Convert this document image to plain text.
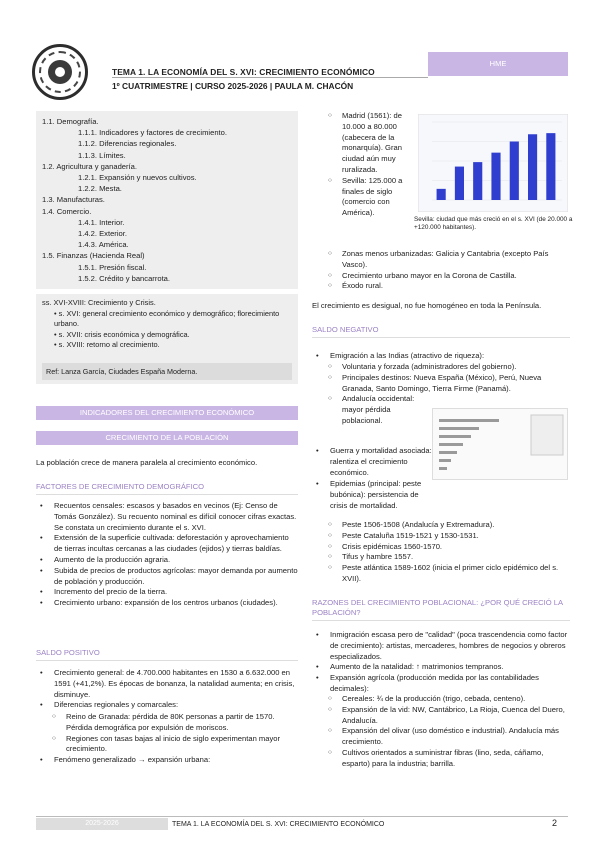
TEMA 1. LA ECONOMÍA DEL S. XVI: CRECIMIENTO ECONÓMICO
1º CUATRIMESTRE | CURSO 2025-2026 | PAULA M. CHACÓN
HME
1.1. Demografía.
1.1.1. Indicadores y factores de crecimiento.
1.1.2. Diferencias regionales.
1.1.3. Límites.
1.2. Agricultura y ganadería.
1.2.1. Expansión y nuevos cultivos.
1.2.2. Mesta.
1.3. Manufacturas.
1.4. Comercio.
1.4.1. Interior.
1.4.2. Exterior.
1.4.3. América.
1.5. Finanzas (Hacienda Real)
1.5.1. Presión fiscal.
1.5.2. Crédito y bancarrota.
ss. XVI-XVIII: Crecimiento y Crisis.
• s. XVI: general crecimiento económico y demográfico; florecimiento urbano.
• s. XVII: crisis económica y demográfica.
• s. XVIII: retorno al crecimiento.
Ref: Lanza García, Ciudades España Moderna.
INDICADORES DEL CRECIMIENTO ECONÓMICO
CRECIMIENTO DE LA POBLACIÓN
La población crece de manera paralela al crecimiento económico.
FACTORES DE CRECIMIENTO DEMOGRÁFICO
• Recuentos censales: escasos y basados en vecinos (Ej: Censo de Tomás González). Su recuento nominal es difícil conocer cifras exactas. Se constata un crecimiento durante el s. XVI.
• Extensión de la superficie cultivada: deforestación y aprovechamiento de tierras incultas cercanas a las ciudades (ejidos) y tierras baldías.
• Aumento de la producción agraria.
• Subida de precios de productos agrícolas: mayor demanda por aumento de población y producción.
• Incremento del precio de la tierra.
• Crecimiento urbano: expansión de los centros urbanos (ciudades).
SALDO POSITIVO
• Crecimiento general: de 4.700.000 habitantes en 1530 a 6.632.000 en 1591 (+41,2%). Es épocas de bonanza, la natalidad aumenta; en crisis, disminuye.
• Diferencias regionales y comarcales:
○ Reino de Granada: pérdida de 80K personas a partir de 1570. Pérdida demográfica por expulsión de moriscos.
○ Regiones con tasas bajas al inicio de siglo experimentan mayor crecimiento.
• Fenómeno generalizado → expansión urbana:
○ Madrid (1561): de 10.000 a 80.000 (cabecera de la monarquía). Gran ciudad aún muy ruralizada.
○ Sevilla: 125.000 a finales de siglo (comercio con América).
Sevilla: ciudad que más creció en el s. XVI (de 20.000 a +120.000 habitantes).
○ Zonas menos urbanizadas: Galicia y Cantabria (excepto País Vasco).
○ Crecimiento urbano mayor en la Corona de Castilla.
○ Éxodo rural.
El crecimiento es desigual, no fue homogéneo en toda la Península.
SALDO NEGATIVO
• Emigración a las Indias (atractivo de riqueza):
○ Voluntaria y forzada (administradores del gobierno).
○ Principales destinos: Nueva España (México), Perú, Nueva Granada, Santo Domingo, Tierra Firme (Panamá).
○ Andalucía occidental: mayor pérdida poblacional.
• Guerra y mortalidad asociada: ralentiza el crecimiento económico.
• Epidemias (principal: peste bubónica): persistencia de crisis de mortalidad.
○ Peste 1506-1508 (Andalucía y Extremadura).
○ Peste Cataluña 1519-1521 y 1530-1531.
○ Crisis epidémicas 1560-1570.
○ Tifus y hambre 1557.
○ Peste atlántica 1589-1602 (inicia el primer ciclo epidémico del s. XVII).
RAZONES DEL CRECIMIENTO POBLACIONAL: ¿POR QUÉ CRECIÓ LA POBLACIÓN?
• Inmigración escasa pero de "calidad" (poca trascendencia como factor de crecimiento): artistas, mercaderes, hombres de negocios y obreros especializados.
• Aumento de la natalidad: ↑ matrimonios tempranos.
• Expansión agrícola (producción medida por las contabilidades decimales):
○ Cereales: ¾ de la producción (trigo, cebada, centeno).
○ Expansión de la vid: NW, Cantábrico, La Rioja, Cuenca del Duero, Andalucía.
○ Expansión del olivar (uso doméstico e industrial). Andalucía más crecimiento.
○ Cultivos orientados a suministrar fibras (lino, seda, cáñamo, esparto) para la industria; barrilla.
2025-2026	TEMA 1. LA ECONOMÍA DEL S. XVI: CRECIMIENTO ECONÓMICO	2
